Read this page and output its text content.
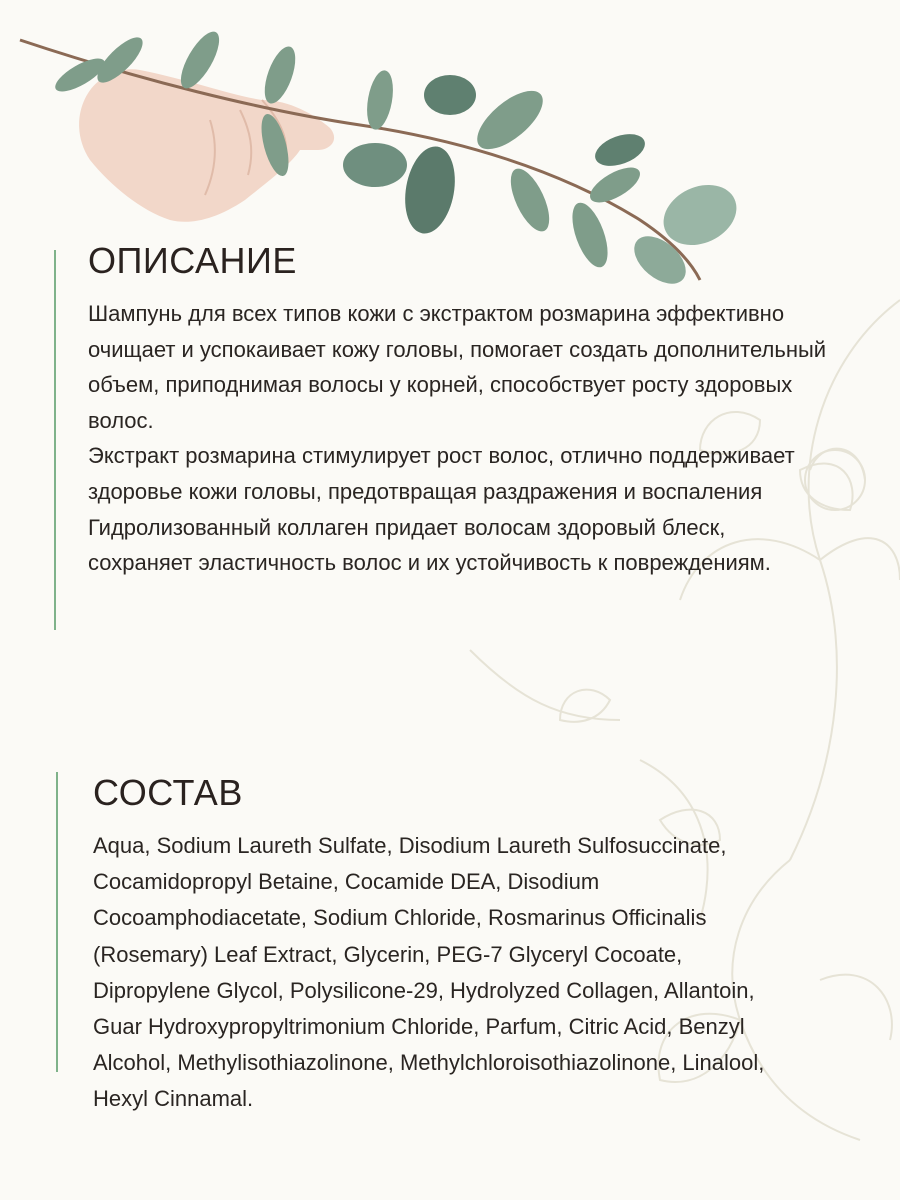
ОПИСАНИЕ

Шампунь для всех типов кожи с экстрактом розмарина эффективно очищает и успокаивает кожу головы, помогает создать дополнительный объем, приподнимая волосы у корней, способствует росту здоровых волос.

Экстракт розмарина стимулирует рост волос, отлично поддерживает здоровье кожи головы, предотвращая раздражения и воспаления

Гидролизованный коллаген придает волосам здоровый блеск, сохраняет эластичность волос и их устойчивость к повреждениям.

СОСТАВ
Aqua, Sodium Laureth Sulfate, Disodium Laureth Sulfosuccinate, Cocamidopropyl Betaine, Cocamide DEA, Disodium Cocoamphodiacetate, Sodium Chloride, Rosmarinus Officinalis (Rosemary) Leaf Extract, Glycerin, PEG-7 Glyceryl Cocoate, Dipropylene Glycol, Polysilicone-29, Hydrolyzed Collagen, Allantoin, Guar Hydroxypropyltrimonium Chloride, Parfum, Citric Acid, Benzyl Alcohol, Methylisothiazolinone, Methylchloroisothiazolinone, Linalool, Hexyl Cinnamal.
